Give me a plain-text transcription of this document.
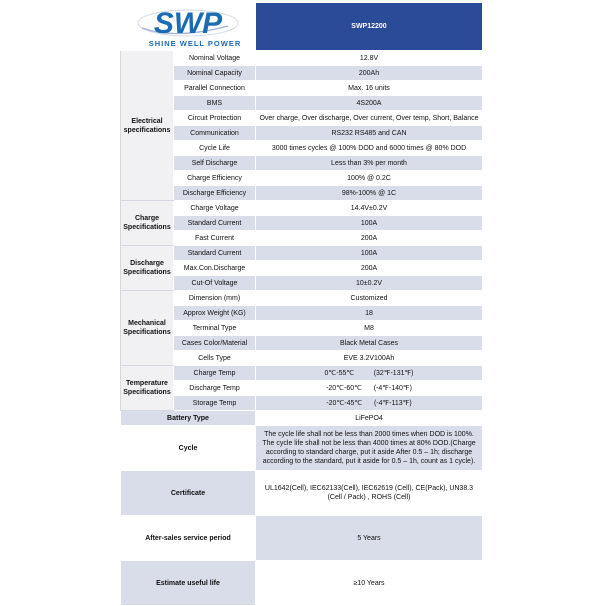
SWP
SHINE WELL POWER		SWP12200
Electrical specifications	Nominal Voltage	12.8V
	Nominal Capacity	200Ah
	Parallel Connection	Max. 16 units
	BMS	4S200A
	Circuit Protection	Over charge, Over discharge, Over current, Over temp, Short, Balance
	Communication	RS232 RS485 and CAN
	Cycle Life	3000 times cycles @ 100% DOD and 6000 times @ 80% DOD
	Self Discharge	Less than 3% per month
	Charge Efficiency	100% @ 0.2C
	Discharge Efficiency	98%-100% @ 1C
Charge Specifications	Charge Voltage	14.4V±0.2V
	Standard Current	100A
	Fast Current	200A
Discharge Specifications	Standard Current	100A
	Max.Con.Discharge	200A
	Cut-Of Voltage	10±0.2V
Mechanical Specifications	Dimension (mm)	Customized
	Approx Weight (KG)	18
	Terminal Type	M8
	Cases Color/Material	Black Metal Cases
	Cells Type	EVE 3.2V100Ah
Temperature Specifications	Charge Temp	0℃-55℃          (32℉-131℉)
	Discharge Temp	-20℃-60℃      (-4℉-140℉)
	Storage Temp	-20℃-45℃      (-4℉-113℉)
Battery Type		LiFePO4
Cycle		The cycle life shall not be less than 2000 times when DOD is 100%. The cycle life shall not be less than 4000 times at 80% DOD.(Charge according to standard charge, put it aside After 0.5 – 1h; discharge according to the standard, put it aside for 0.5 – 1h, count as 1 cycle).
Certificate		UL1642(Cell), IEC62133(Cell), IEC62619 (Cell), CE(Pack), UN38.3 (Cell / Pack) , ROHS (Cell)
After-sales service period		5 Years
Estimate useful life		≥10 Years
